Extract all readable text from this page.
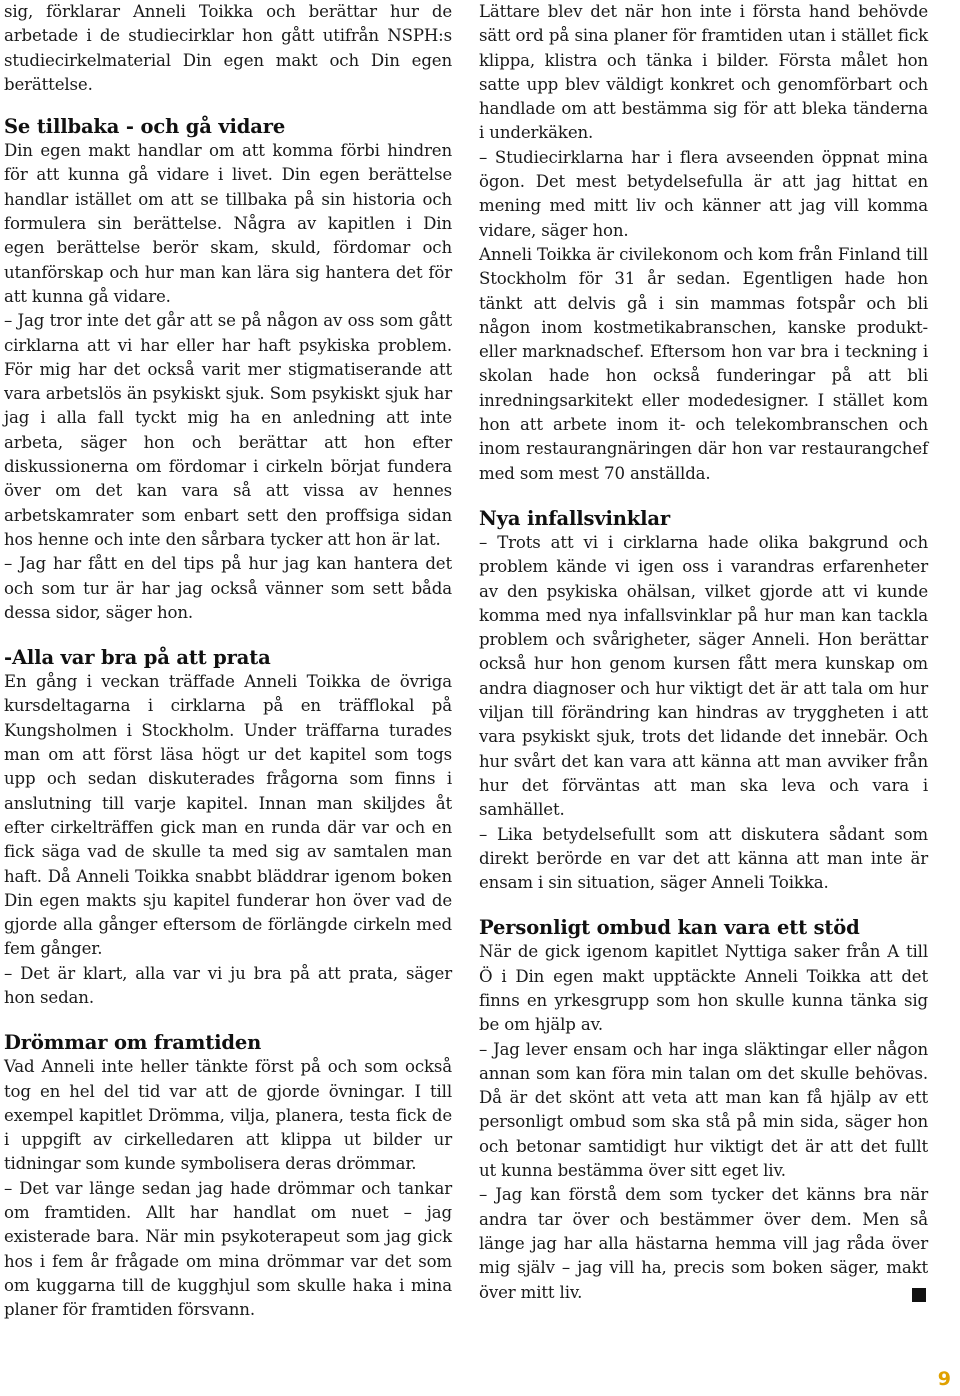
sig, förklarar Anneli Toikka och berättar hur de arbetade i de studiecirklar hon gått utifrån NSPH:s studiecirkelmaterial Din egen makt och Din egen berättelse.

Se tillbaka - och gå vidare

Din egen makt handlar om att komma förbi hindren för att kunna gå vidare i livet. Din egen berättelse handlar istället om att se tillbaka på sin historia och formulera sin berättelse. Några av kapitlen i Din egen berättelse berör skam, skuld, fördomar och utanförskap och hur man kan lära sig hantera det för att kunna gå vidare.

– Jag tror inte det går att se på någon av oss som gått cirklarna att vi har eller har haft psykiska problem. För mig har det också varit mer stigmatiserande att vara arbetslös än psykiskt sjuk. Som psykiskt sjuk har jag i alla fall tyckt mig ha en anledning att inte arbeta, säger hon och berättar att hon efter diskussionerna om fördomar i cirkeln börjat fundera över om det kan vara så att vissa av hennes arbetskamrater som enbart sett den proffsiga sidan hos henne och inte den sårbara tycker att hon är lat.

– Jag har fått en del tips på hur jag kan hantera det och som tur är har jag också vänner som sett båda dessa sidor, säger hon.

-Alla var bra på att prata

En gång i veckan träffade Anneli Toikka de övriga kursdeltagarna i cirklarna på en träfflokal på Kungsholmen i Stockholm. Under träffarna turades man om att först läsa högt ur det kapitel som togs upp och sedan diskuterades frågorna som finns i anslutning till varje kapitel. Innan man skiljdes åt efter cirkelträffen gick man en runda där var och en fick säga vad de skulle ta med sig av samtalen man haft. Då Anneli Toikka snabbt bläddrar igenom boken Din egen makts sju kapitel funderar hon över vad de gjorde alla gånger eftersom de förlängde cirkeln med fem gånger.

– Det är klart, alla var vi ju bra på att prata, säger hon sedan.

Drömmar om framtiden

Vad Anneli inte heller tänkte först på och som också tog en hel del tid var att de gjorde övningar. I till exempel kapitlet Drömma, vilja, planera, testa fick de i uppgift av cirkelledaren att klippa ut bilder ur tidningar som kunde symbolisera deras drömmar.

– Det var länge sedan jag hade drömmar och tankar om framtiden. Allt har handlat om nuet – jag existerade bara. När min psykoterapeut som jag gick hos i fem år frågade om mina drömmar var det som om kuggarna till de kugghjul som skulle haka i mina planer för framtiden försvann.

Lättare blev det när hon inte i första hand behövde sätt ord på sina planer för framtiden utan i stället fick klippa, klistra och tänka i bilder. Första målet hon satte upp blev väldigt konkret och genomförbart och handlade om att bestämma sig för att bleka tänderna i underkäken.

– Studiecirklarna har i flera avseenden öppnat mina ögon. Det mest betydelsefulla är att jag hittat en mening med mitt liv och känner att jag vill komma vidare, säger hon.

Anneli Toikka är civilekonom och kom från Finland till Stockholm för 31 år sedan. Egentligen hade hon tänkt att delvis gå i sin mammas fotspår och bli någon inom kostmetikabranschen, kanske produkt- eller marknadschef. Eftersom hon var bra i teckning i skolan hade hon också funderingar på att bli inredningsarkitekt eller modedesigner. I stället kom hon att arbete inom it- och telekombranschen och inom restaurangnäringen där hon var restaurangchef med som mest 70 anställda.

Nya infallsvinklar

– Trots att vi i cirklarna hade olika bakgrund och problem kände vi igen oss i varandras erfarenheter av den psykiska ohälsan, vilket gjorde att vi kunde komma med nya infallsvinklar på hur man kan tackla problem och svårigheter, säger Anneli. Hon berättar också hur hon genom kursen fått mera kunskap om andra diagnoser och hur viktigt det är att tala om hur viljan till förändring kan hindras av tryggheten i att vara psykiskt sjuk, trots det lidande det innebär. Och hur svårt det kan vara att känna att man avviker från hur det förväntas att man ska leva och vara i samhället.

– Lika betydelsefullt som att diskutera sådant som direkt berörde en var det att känna att man inte är ensam i sin situation, säger Anneli Toikka.

Personligt ombud kan vara ett stöd

När de gick igenom kapitlet Nyttiga saker från A till Ö i Din egen makt upptäckte Anneli Toikka att det finns en yrkesgrupp som hon skulle kunna tänka sig be om hjälp av.

– Jag lever ensam och har inga släktingar eller någon annan som kan föra min talan om det skulle behövas. Då är det skönt att veta att man kan få hjälp av ett personligt ombud som ska stå på min sida, säger hon och betonar samtidigt hur viktigt det är att det fullt ut kunna bestämma över sitt eget liv.

– Jag kan förstå dem som tycker det känns bra när andra tar över och bestämmer över dem. Men så länge jag har alla hästarna hemma vill jag råda över mig själv – jag vill ha, precis som boken säger, makt över mitt liv.

9
